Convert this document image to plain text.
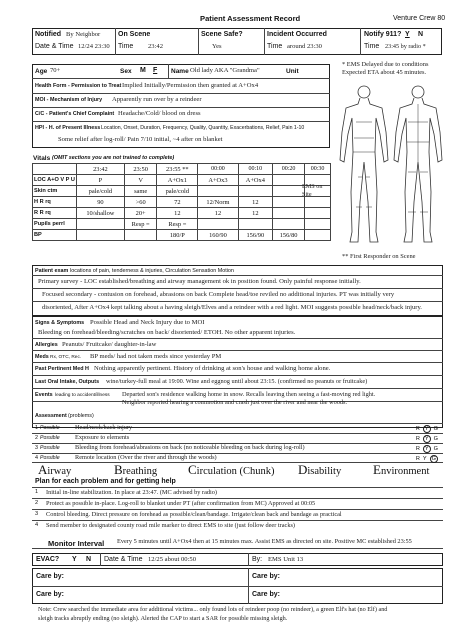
Patient Assessment Record	Venture Crew 80
Notified By Neighbor
Date & Time 12/24 23:30
On Scene
Time 23:42
Scene Safe?
Yes
Incident Occurred
Time around 23:30
Notify 911? Y N
Time 23:45 by radio *
Age 70+	Sex M F Name Old lady AKA "Grandma"	Unit
Health Form - Permission to Treat Implied Initially/Permission then granted at A+Ox4
MOI - Mechanism of Injury Apparently run over by a reindeer
C/C - Patient's Chief Complaint Headache/Cold/ blood on dress
HPI - H. of Present Illness Location, Onset, Duration, Frequency, Quality, Quantity, Exacerbations, Relief, Pain 1-10
Some relief after log-roll/ Pain 7/10 initial, ~4 after on blanket
* EMS Delayed due to conditions
Expected ETA about 45 minutes.
Vitals (OMIT sections you are not trained to complete)
	23:42	23:50	23:55 **	00:00	00:10	00:20	00:30
LOC A+O V P U	P	V	A+Ox1	A+Ox3	A+Ox4		
Skin ctm	pale/cold	same	pale/cold				
H R rq	90	>60	72	12/Norm	12		
R R rq	10/shallow	20+	12	12	12		
Pupils perrl		Resp =	Resp =				
BP			180/P	160/90	156/90	156/80	
EMS on Site
** First Responder on Scene
Patient exam locations of pain, tenderness & injuries, Circulation Sensation Motion
Primary survey - LOC established/breathing and airway management ok in position found. Only painful response initially.
Focused secondary - contusion on forehead, abrasions on back Complete head/toe reviled no additional injuries. PT was initially very
disoriented, After A+Ox4 kept talking about a having sleigh/Elves and a reindeer with a red light. MOI suggests possible head/neck/back injury.
Signs & Symptoms Possible Head and Neck Injury due to MOI
Bleeding on forehead/bleeding/scratches on back/ disoriented/ ETOH. No other apparent injuries.
Allergies Peanuts/ Fruitcake/ daughter-in-law
Meds Rx, OTC, Rec. BP meds/ had not taken meds since yesterday PM
Past Pertinent Med H Nothing apparently pertinent. History of drinking at son's house and walking home alone.
Last Oral Intake, Outputs wine/turkey-full meal at 19:00. Wine and eggnog until about 23:15. (confirmed no peanuts or fruitcake)
Events leading to accident/illness Departed son's residence walking home in snow. Recalls leaving then seeing a fast-moving red light.
Neighbor reported hearing a commotion and crash just over the river and near the woods.
Assessment (problems)
1 Possible Head/neck/back injury	R Y G
2 Possible Exposure to elements	R Y G
3 Possible Bleeding from forehead/abrasions on back (no noticeable bleeding on back during log-roll)	R Y G
4 Possible Remote location (Over the river and through the woods)	R Y G
Airway	Breathing Circulation (Chunk) Disability Environment
Plan for each problem and for getting help
1 Initial in-line stabilization. In place at 23:47. (MC advised by radio)
2 Protect as possible in-place. Log-roll to blanket under PT (after confirmation from MC) Approved at 00:05
3 Control bleeding. Direct pressure on forehead as possible/clean/bandage. Irrigate/clean back and bandage as practical
4 Send member to designated county road mile marker to direct EMS to site (just follow deer tracks)
Monitor Interval Every 5 minutes until A+Ox4 then at 15 minutes max. Assist EMS as directed on site. Positive MC established 23:55
EVAC? Y N Date & Time 12/25 about 00:50	By: EMS Unit 13
Care by:	Care by:
Care by:	Care by:
Note: Crew searched the immediate area for additional victims... only found lots of reindeer poop (no reindeer), a green Elf's hat (no Elf) and
sleigh tracks abruptly ending (no sleigh). Alerted the CAP to start a SAR for possible missing sleigh.
